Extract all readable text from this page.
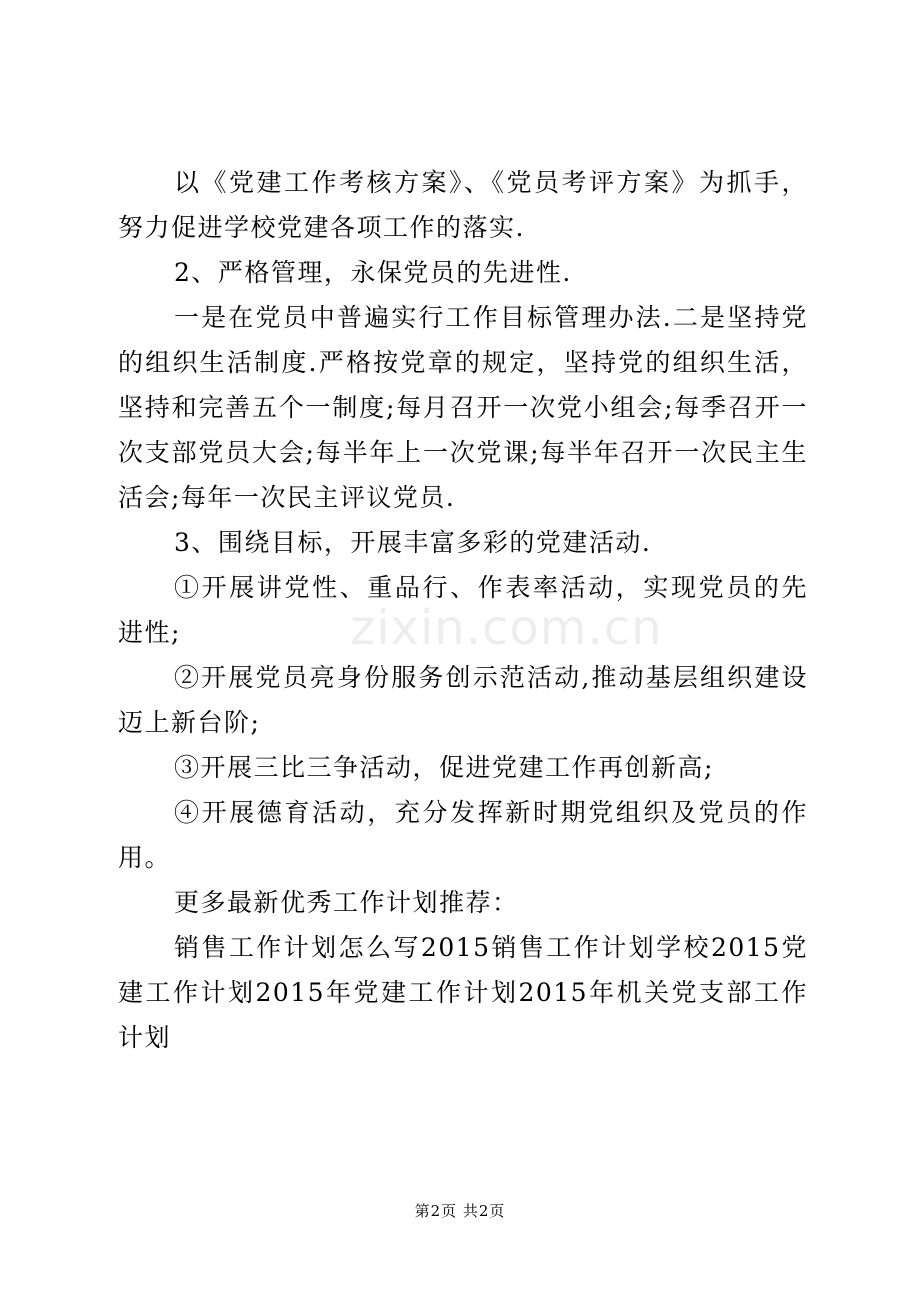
以《党建工作考核方案》、《党员考评方案》为抓手，努力促进学校党建各项工作的落实.

2、严格管理，永保党员的先进性.

一是在党员中普遍实行工作目标管理办法.二是坚持党的组织生活制度.严格按党章的规定，坚持党的组织生活，坚持和完善五个一制度;每月召开一次党小组会;每季召开一次支部党员大会;每半年上一次党课;每半年召开一次民主生活会;每年一次民主评议党员.

3、围绕目标，开展丰富多彩的党建活动.

①开展讲党性、重品行、作表率活动，实现党员的先进性;

②开展党员亮身份服务创示范活动,推动基层组织建设迈上新台阶;

③开展三比三争活动，促进党建工作再创新高;

④开展德育活动，充分发挥新时期党组织及党员的作用。

更多最新优秀工作计划推荐：

销售工作计划怎么写2015销售工作计划学校2015党建工作计划2015年党建工作计划2015年机关党支部工作计划

zixin.com.cn
第2页 共2页
